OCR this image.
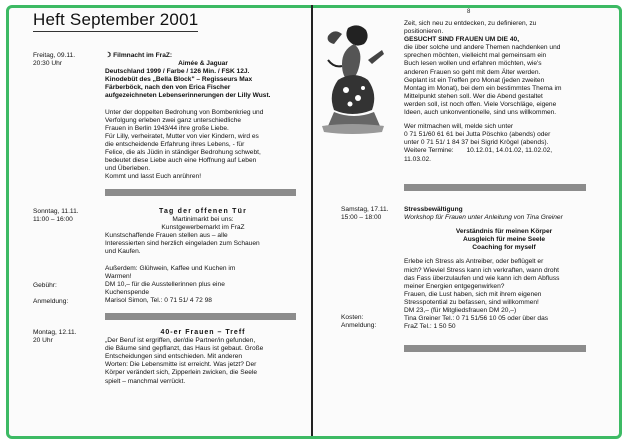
8
Heft September 2001
Freitag, 09.11.
20:30 Uhr
☽ Filmnacht im FraZ:
Aimée & Jaguar
Deutschland 1999 / Farbe / 126 Min. / FSK 12J.
Kinodebüt des „Bella Block" – Regisseurs Max
Färberböck, nach den von Erica Fischer
aufgezeichneten Lebenserinnerungen der Lilly Wust.
Unter der doppelten Bedrohung von Bombenkrieg und
Verfolgung erleben zwei ganz unterschiedliche
Frauen in Berlin 1943/44 ihre große Liebe.
Für Lilly, verheiratet, Mutter von vier Kindern, wird es
die entscheidende Erfahrung ihres Lebens, - für
Felice, die als Jüdin in ständiger Bedrohung schwebt,
bedeutet diese Liebe auch eine Hoffnung auf Leben
und Überleben.
Kommt und lasst Euch anrühren!
Sonntag, 11.11.
11:00 – 16:00
Tag der offenen Tür
Martinimarkt bei uns:
Kunstgewerbemarkt im FraZ
Kunstschaffende Frauen stellen aus – alle
Interessierten sind herzlich eingeladen zum Schauen
und Kaufen.
Außerdem: Glühwein, Kaffee und Kuchen im
Warmen!
DM 10,– für die Ausstellerinnen plus eine
Kuchenspende
Marisol Simon, Tel.: 0 71 51/ 4 72 98
Gebühr:
Anmeldung:
Montag, 12.11.
20 Uhr
40-er Frauen – Treff
„Der Beruf ist ergriffen, der/die Partner/in gefunden,
die Bäume sind gepflanzt, das Haus ist gebaut. Große
Entscheidungen sind entschieden. Mit anderen
Worten: Die Lebensmitte ist erreicht. Was jetzt? Der
Körper verändert sich, Zipperlein zwicken, die Seele
spielt – manchmal verrückt.
Zeit, sich neu zu entdecken, zu definieren, zu
positionieren.
GESUCHT SIND FRAUEN UM DIE 40,
die über solche und andere Themen nachdenken und
sprechen möchten, vielleicht mal gemeinsam ein
Buch lesen wollen und erfahren möchten, wie's
anderen Frauen so geht mit dem Älter werden.
Geplant ist ein Treffen pro Monat (jeden zweiten
Montag im Monat), bei dem ein bestimmtes Thema im
Mittelpunkt stehen soll. Wer die Abend gestaltet
werden soll, ist noch offen. Viele Vorschläge, eigene
Ideen, auch unkonventionelle, sind uns willkommen.
Wer mitmachen will, melde sich unter
0 71 51/60 61 61 bei Jutta Pöschko (abends) oder
unter 0 71 51/ 1 84 37 bei Sigrid Krögel (abends).
Weitere Termine: 10.12.01, 14.01.02, 11.02.02,
11.03.02.
Samstag, 17.11.
15:00 – 18:00
Stressbewältigung
Workshop für Frauen unter Anleitung von Tina Greiner
Verständnis für meinen Körper
Ausgleich für meine Seele
Coaching for myself
Erlebe ich Stress als Antreiber, oder beflügelt er
mich? Wieviel Stress kann ich verkraften, wann droht
das Fass überzulaufen und wie kann ich dem Abfluss
meiner Energien entgegenwirken?
Frauen, die Lust haben, sich mit ihrem eigenen
Stresspotential zu befassen, sind willkommen!
DM 23,– (für Mitgliedsfrauen DM 20,–)
Tina Greiner Tel.: 0 71 51/56 10 05 oder über das
FraZ Tel.: 1 50 50
Kosten:
Anmeldung:
